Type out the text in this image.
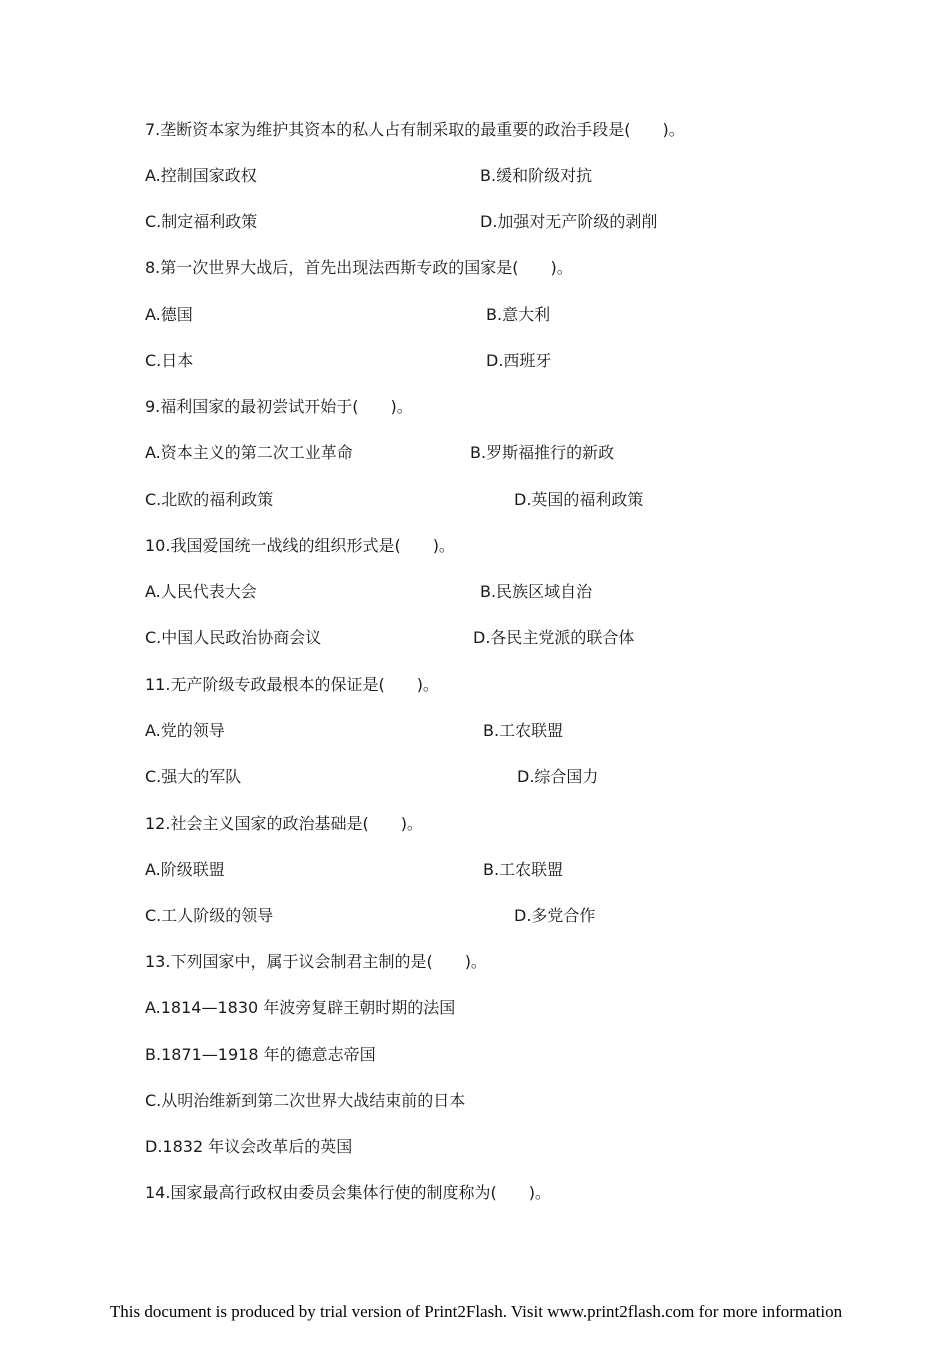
7.垄断资本家为维护其资本的私人占有制采取的最重要的政治手段是(　　)。
A.控制国家政权	B.缓和阶级对抗
C.制定福利政策	D.加强对无产阶级的剥削
8.第一次世界大战后，首先出现法西斯专政的国家是(　　)。
A.德国	B.意大利
C.日本	D.西班牙
9.福利国家的最初尝试开始于(　　)。
A.资本主义的第二次工业革命	B.罗斯福推行的新政
C.北欧的福利政策	D.英国的福利政策
10.我国爱国统一战线的组织形式是(　　)。
A.人民代表大会	B.民族区域自治
C.中国人民政治协商会议	D.各民主党派的联合体
11.无产阶级专政最根本的保证是(　　)。
A.党的领导	B.工农联盟
C.强大的军队	D.综合国力
12.社会主义国家的政治基础是(　　)。
A.阶级联盟	B.工农联盟
C.工人阶级的领导	D.多党合作
13.下列国家中，属于议会制君主制的是(　　)。
A.1814—1830 年波旁复辟王朝时期的法国
B.1871—1918 年的德意志帝国
C.从明治维新到第二次世界大战结束前的日本
D.1832 年议会改革后的英国
14.国家最高行政权由委员会集体行使的制度称为(　　)。
This document is produced by trial version of Print2Flash. Visit www.print2flash.com for more information
